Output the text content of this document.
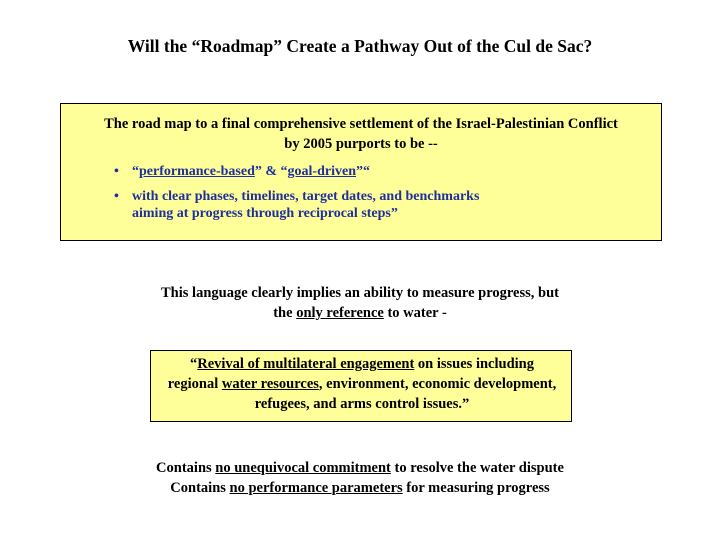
Will the “Roadmap” Create a Pathway Out of the Cul de Sac?
The road map to a final comprehensive settlement of the Israel-Palestinian Conflict
by 2005 purports to be --
• “performance-based” & “goal-driven”“
• with clear phases, timelines, target dates, and benchmarks
aiming at progress through reciprocal steps”
This language clearly implies an ability to measure progress, but
the only reference to water -
“Revival of multilateral engagement on issues including
regional water resources, environment, economic development,
refugees, and arms control issues.”
Contains no unequivocal commitment to resolve the water dispute
Contains no performance parameters for measuring progress
